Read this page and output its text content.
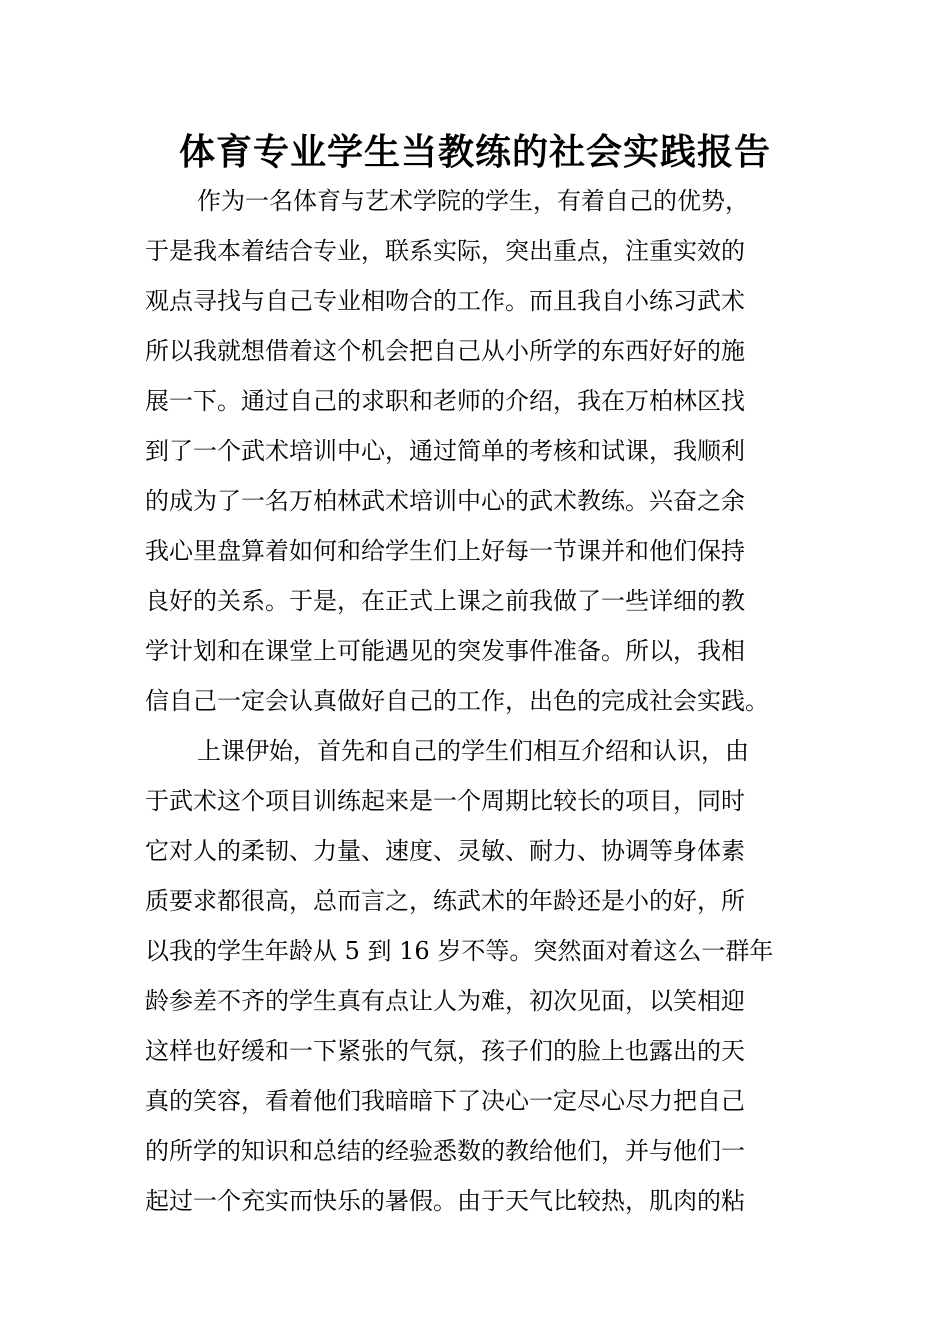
体育专业学生当教练的社会实践报告
作为一名体育与艺术学院的学生，有着自己的优势，
于是我本着结合专业，联系实际，突出重点，注重实效的
观点寻找与自己专业相吻合的工作。而且我自小练习武术
所以我就想借着这个机会把自己从小所学的东西好好的施
展一下。通过自己的求职和老师的介绍，我在万柏林区找
到了一个武术培训中心，通过简单的考核和试课，我顺利
的成为了一名万柏林武术培训中心的武术教练。兴奋之余
我心里盘算着如何和给学生们上好每一节课并和他们保持
良好的关系。于是，在正式上课之前我做了一些详细的教
学计划和在课堂上可能遇见的突发事件准备。所以，我相
信自己一定会认真做好自己的工作，出色的完成社会实践。
上课伊始，首先和自己的学生们相互介绍和认识，由
于武术这个项目训练起来是一个周期比较长的项目，同时
它对人的柔韧、力量、速度、灵敏、耐力、协调等身体素
质要求都很高，总而言之，练武术的年龄还是小的好，所
以我的学生年龄从 5 到 16 岁不等。突然面对着这么一群年
龄参差不齐的学生真有点让人为难，初次见面，以笑相迎
这样也好缓和一下紧张的气氛，孩子们的脸上也露出的天
真的笑容，看着他们我暗暗下了决心一定尽心尽力把自己
的所学的知识和总结的经验悉数的教给他们，并与他们一
起过一个充实而快乐的暑假。由于天气比较热，肌肉的粘
